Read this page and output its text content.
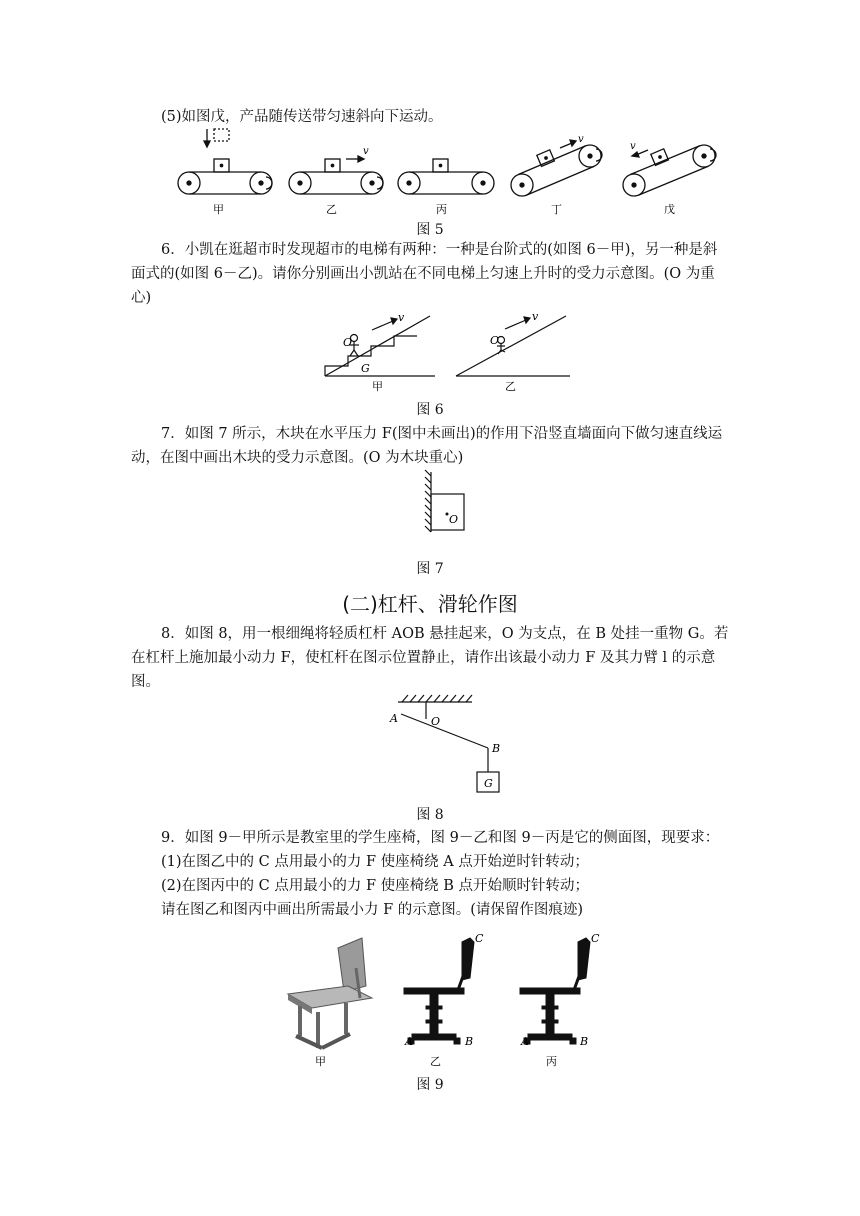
(5)如图戊，产品随传送带匀速斜向下运动。
v
v
v
甲	乙	丙	丁	戊
图 5
6．小凯在逛超市时发现超市的电梯有两种：一种是台阶式的(如图 6－甲)，另一种是斜
面式的(如图 6－乙)。请你分别画出小凯站在不同电梯上匀速上升时的受力示意图。(O 为重
心)
v	v
O	O
G
甲	乙
图 6
7．如图 7 所示，木块在水平压力 F(图中未画出)的作用下沿竖直墙面向下做匀速直线运
动，在图中画出木块的受力示意图。(O 为木块重心)
O
图 7
(二)杠杆、滑轮作图
8．如图 8，用一根细绳将轻质杠杆 AOB 悬挂起来，O 为支点，在 B 处挂一重物 G。若
在杠杆上施加最小动力 F，使杠杆在图示位置静止，请作出该最小动力 F 及其力臂 l 的示意
图。
A	O
B
G
图 8
9．如图 9－甲所示是教室里的学生座椅，图 9－乙和图 9－丙是它的侧面图，现要求：
(1)在图乙中的 C 点用最小的力 F 使座椅绕 A 点开始逆时针转动；
(2)在图丙中的 C 点用最小的力 F 使座椅绕 B 点开始顺时针转动；
请在图乙和图丙中画出所需最小力 F 的示意图。(请保留作图痕迹)
C
A	B
C
A	B
甲	乙	丙
图 9
